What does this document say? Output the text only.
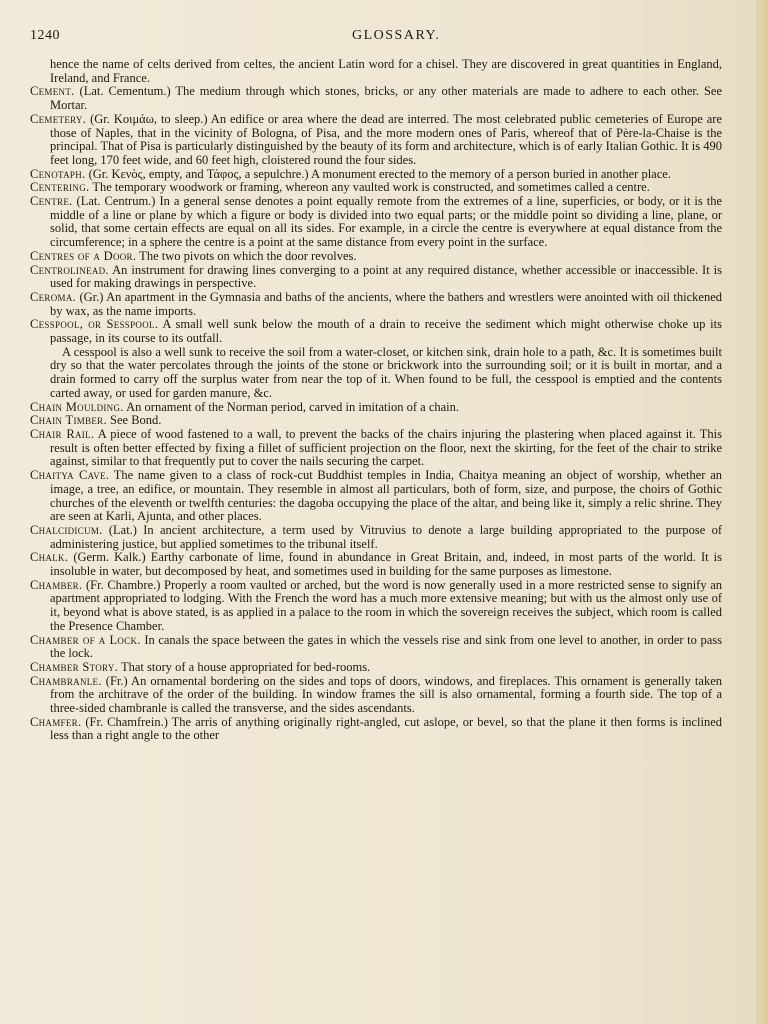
1240	GLOSSARY.

hence the name of celts derived from celtes, the ancient Latin word for a chisel. They are discovered in great quantities in England, Ireland, and France.

Cement. (Lat. Cementum.) The medium through which stones, bricks, or any other materials are made to adhere to each other. See Mortar.

Cemetery. (Gr. Κοιμάω, to sleep.) An edifice or area where the dead are interred. The most celebrated public cemeteries of Europe are those of Naples, that in the vicinity of Bologna, of Pisa, and the more modern ones of Paris, whereof that of Père-la-Chaise is the principal. That of Pisa is particularly distinguished by the beauty of its form and architecture, which is of early Italian Gothic. It is 490 feet long, 170 feet wide, and 60 feet high, cloistered round the four sides.

Cenotaph. (Gr. Κενὸς, empty, and Τάφος, a sepulchre.) A monument erected to the memory of a person buried in another place.

Centering. The temporary woodwork or framing, whereon any vaulted work is constructed, and sometimes called a centre.

Centre. (Lat. Centrum.) In a general sense denotes a point equally remote from the extremes of a line, superficies, or body, or it is the middle of a line or plane by which a figure or body is divided into two equal parts; or the middle point so dividing a line, plane, or solid, that some certain effects are equal on all its sides. For example, in a circle the centre is everywhere at equal distance from the circumference; in a sphere the centre is a point at the same distance from every point in the surface.

Centres of a Door. The two pivots on which the door revolves.

Centrolinead. An instrument for drawing lines converging to a point at any required distance, whether accessible or inaccessible. It is used for making drawings in perspective.

Ceroma. (Gr.) An apartment in the Gymnasia and baths of the ancients, where the bathers and wrestlers were anointed with oil thickened by wax, as the name imports.

Cesspool, or Sesspool. A small well sunk below the mouth of a drain to receive the sediment which might otherwise choke up its passage, in its course to its outfall.

A cesspool is also a well sunk to receive the soil from a water-closet, or kitchen sink, drain hole to a path, &c. It is sometimes built dry so that the water percolates through the joints of the stone or brickwork into the surrounding soil; or it is built in mortar, and a drain formed to carry off the surplus water from near the top of it. When found to be full, the cesspool is emptied and the contents carted away, or used for garden manure, &c.

Chain Moulding. An ornament of the Norman period, carved in imitation of a chain.

Chain Timber. See Bond.

Chair Rail. A piece of wood fastened to a wall, to prevent the backs of the chairs injuring the plastering when placed against it. This result is often better effected by fixing a fillet of sufficient projection on the floor, next the skirting, for the feet of the chair to strike against, similar to that frequently put to cover the nails securing the carpet.

Chaitya Cave. The name given to a class of rock-cut Buddhist temples in India, Chaitya meaning an object of worship, whether an image, a tree, an edifice, or mountain. They resemble in almost all particulars, both of form, size, and purpose, the choirs of Gothic churches of the eleventh or twelfth centuries: the dagoba occupying the place of the altar, and being like it, simply a relic shrine. They are seen at Karli, Ajunta, and other places.

Chalcidicum. (Lat.) In ancient architecture, a term used by Vitruvius to denote a large building appropriated to the purpose of administering justice, but applied sometimes to the tribunal itself.

Chalk. (Germ. Kalk.) Earthy carbonate of lime, found in abundance in Great Britain, and, indeed, in most parts of the world. It is insoluble in water, but decomposed by heat, and sometimes used in building for the same purposes as limestone.

Chamber. (Fr. Chambre.) Properly a room vaulted or arched, but the word is now generally used in a more restricted sense to signify an apartment appropriated to lodging. With the French the word has a much more extensive meaning; but with us the almost only use of it, beyond what is above stated, is as applied in a palace to the room in which the sovereign receives the subject, which room is called the Presence Chamber.

Chamber of a Lock. In canals the space between the gates in which the vessels rise and sink from one level to another, in order to pass the lock.

Chamber Story. That story of a house appropriated for bed-rooms.

Chambranle. (Fr.) An ornamental bordering on the sides and tops of doors, windows, and fireplaces. This ornament is generally taken from the architrave of the order of the building. In window frames the sill is also ornamental, forming a fourth side. The top of a three-sided chambranle is called the transverse, and the sides ascendants.

Chamfer. (Fr. Chamfrein.) The arris of anything originally right-angled, cut aslope, or bevel, so that the plane it then forms is inclined less than a right angle to the other
